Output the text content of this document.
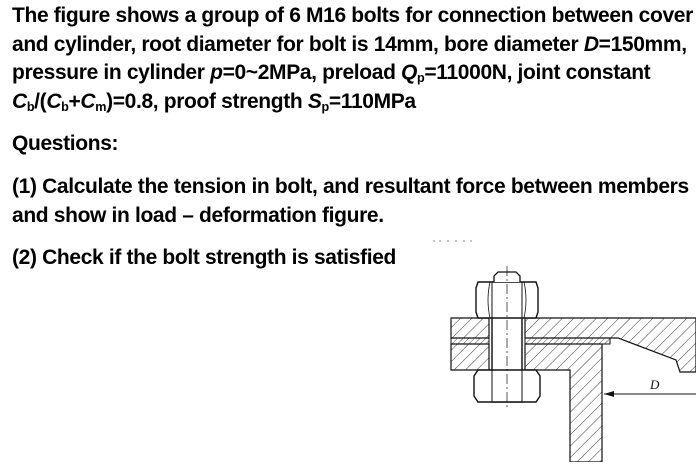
The figure shows a group of 6 M16 bolts for connection between cover
and cylinder, root diameter for bolt is 14mm, bore diameter D=150mm,
pressure in cylinder p=0~2MPa, preload $Q_p=11000N$, joint constant
$C_b/(C_b+C_m)=0.8$, proof strength $S_p=110MPa$
Questions:
(1) Calculate the tension in bolt, and resultant force between members
and show in load – deformation figure.
(2) Check if the bolt strength is satisfied
D
